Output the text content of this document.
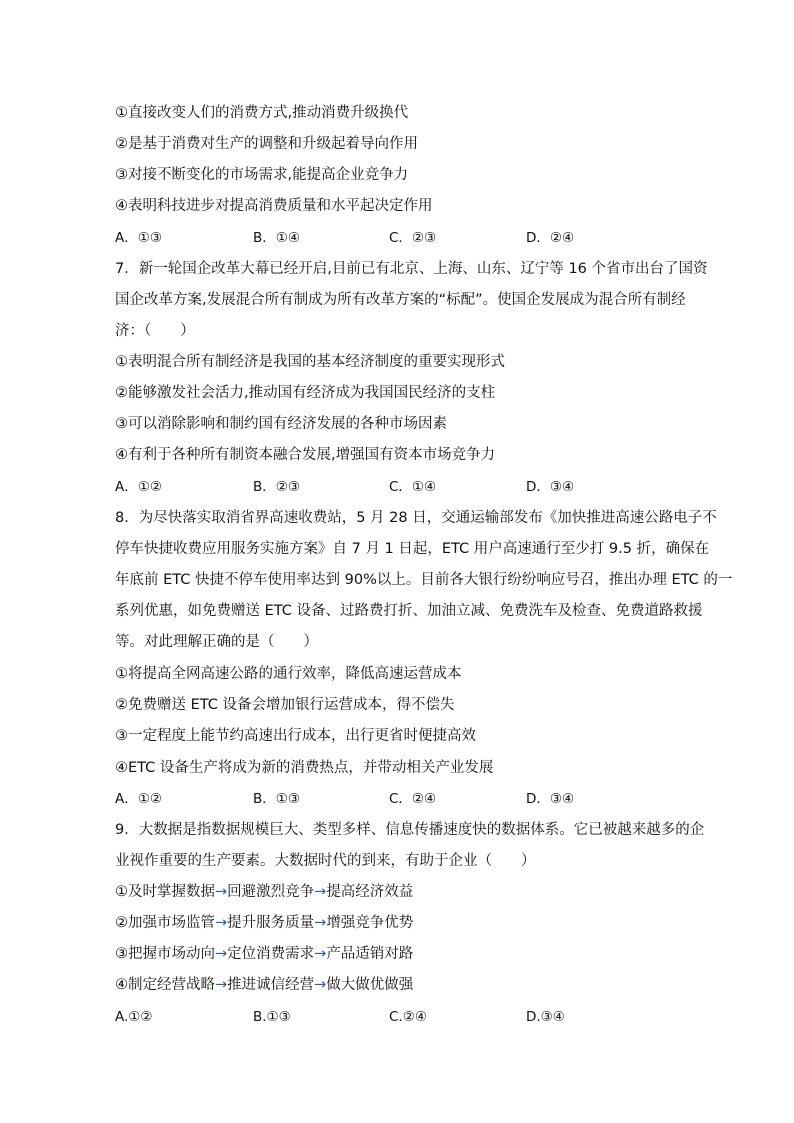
①直接改变人们的消费方式,推动消费升级换代
②是基于消费对生产的调整和升级起着导向作用
③对接不断变化的市场需求,能提高企业竞争力
④表明科技进步对提高消费质量和水平起决定作用
A．①③	B．①④	C．②③	D．②④
7．新一轮国企改革大幕已经开启,目前已有北京、上海、山东、辽宁等 16 个省市出台了国资
国企改革方案,发展混合所有制成为所有改革方案的“标配”。使国企发展成为混合所有制经
济：（　　）
①表明混合所有制经济是我国的基本经济制度的重要实现形式
②能够激发社会活力,推动国有经济成为我国国民经济的支柱
③可以消除影响和制约国有经济发展的各种市场因素
④有利于各种所有制资本融合发展,增强国有资本市场竞争力
A．①②	B．②③	C．①④	D．③④
8．为尽快落实取消省界高速收费站，5 月 28 日，交通运输部发布《加快推进高速公路电子不
停车快捷收费应用服务实施方案》自 7 月 1 日起，ETC 用户高速通行至少打 9.5 折，确保在
年底前 ETC 快捷不停车使用率达到 90%以上。目前各大银行纷纷响应号召，推出办理 ETC 的一
系列优惠，如免费赠送 ETC 设备、过路费打折、加油立减、免费洗车及检查、免费道路救援
等。对此理解正确的是（　　）
①将提高全网高速公路的通行效率，降低高速运营成本
②免费赠送 ETC 设备会增加银行运营成本，得不偿失
③一定程度上能节约高速出行成本，出行更省时便捷高效
④ETC 设备生产将成为新的消费热点，并带动相关产业发展
A．①②	B．①③	C．②④	D．③④
9．大数据是指数据规模巨大、类型多样、信息传播速度快的数据体系。它已被越来越多的企
业视作重要的生产要素。大数据时代的到来，有助于企业（　　）
①及时掌握数据→回避激烈竞争→提高经济效益
②加强市场监管→提升服务质量→增强竞争优势
③把握市场动向→定位消费需求→产品适销对路
④制定经营战略→推进诚信经营→做大做优做强
A.①②	B.①③	C.②④	D.③④
